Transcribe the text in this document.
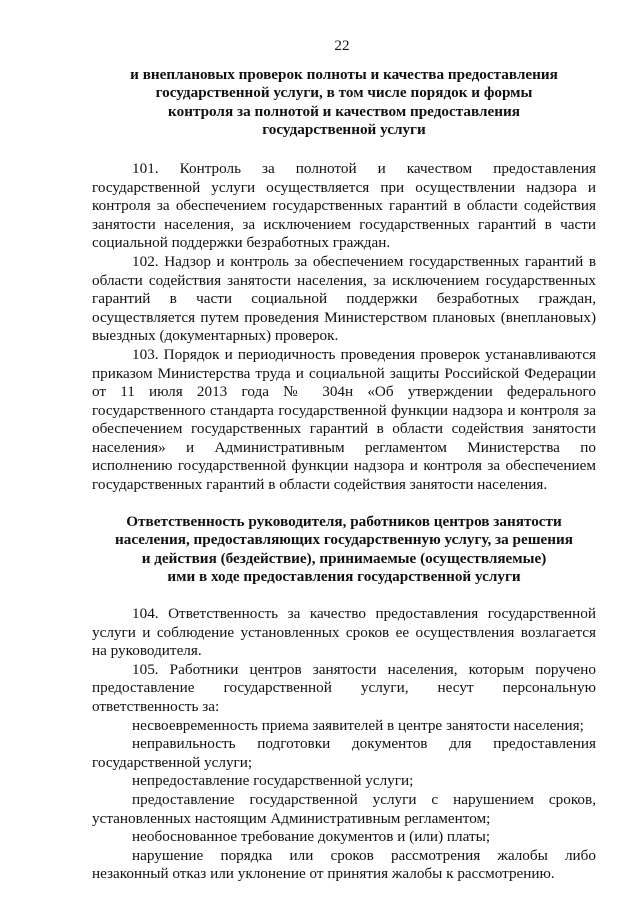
22
и внеплановых проверок полноты и качества предоставления
государственной услуги, в том числе порядок и формы
контроля за полнотой и качеством предоставления
государственной услуги

101. Контроль за полнотой и качеством предоставления государственной услуги осуществляется при осуществлении надзора и контроля за обеспечением государственных гарантий в области содействия занятости населения, за исключением государственных гарантий в части социальной поддержки безработных граждан.

102. Надзор и контроль за обеспечением государственных гарантий в области содействия занятости населения, за исключением государственных гарантий в части социальной поддержки безработных граждан, осуществляется путем проведения Министерством плановых (внеплановых) выездных (документарных) проверок.

103. Порядок и периодичность проведения проверок устанавливаются приказом Министерства труда и социальной защиты Российской Федерации от 11 июля 2013 года № 304н «Об утверждении федерального государственного стандарта государственной функции надзора и контроля за обеспечением государственных гарантий в области содействия занятости населения» и Административным регламентом Министерства по исполнению государственной функции надзора и контроля за обеспечением государственных гарантий в области содействия занятости населения.

Ответственность руководителя, работников центров занятости
населения, предоставляющих государственную услугу, за решения
и действия (бездействие), принимаемые (осуществляемые)
ими в ходе предоставления государственной услуги

104. Ответственность за качество предоставления государственной услуги и соблюдение установленных сроков ее осуществления возлагается на руководителя.

105. Работники центров занятости населения, которым поручено предоставление государственной услуги, несут персональную ответственность за:

несвоевременность приема заявителей в центре занятости населения;

неправильность подготовки документов для предоставления государственной услуги;

непредоставление государственной услуги;

предоставление государственной услуги с нарушением сроков, установленных настоящим Административным регламентом;

необоснованное требование документов и (или) платы;

нарушение порядка или сроков рассмотрения жалобы либо незаконный отказ или уклонение от принятия жалобы к рассмотрению.
